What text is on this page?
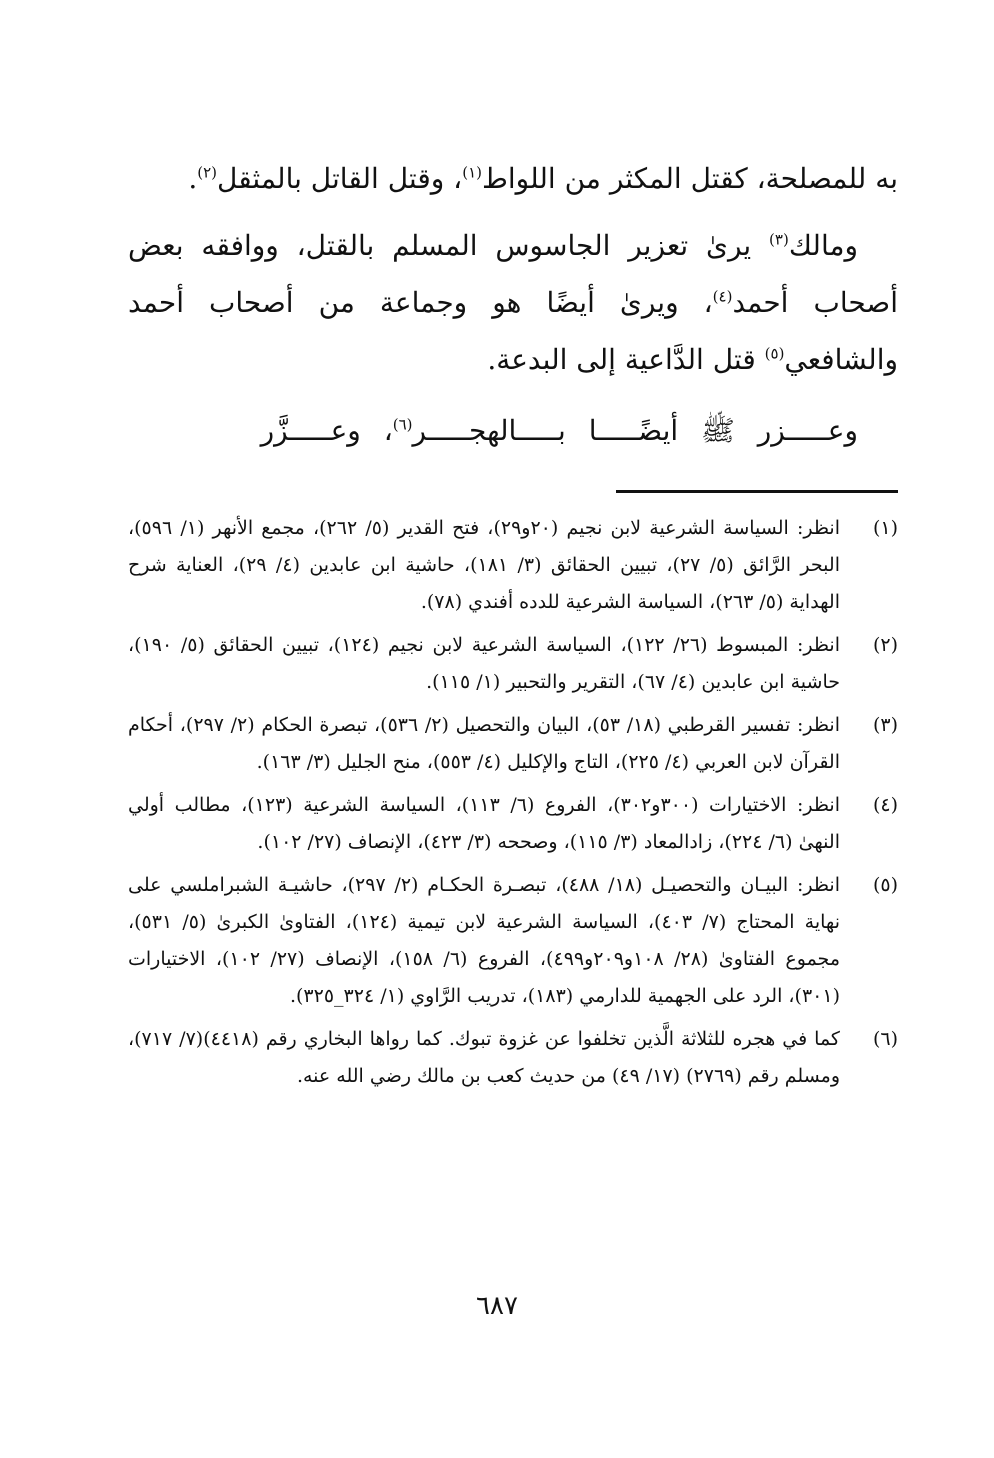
به للمصلحة، كقتل المكثر من اللواط$^{(١)}$، وقتل القاتل بالمثقل$^{(٢)}$.

ومالك$^{(٣)}$ يرىٰ تعزير الجاسوس المسلم بالقتل، ووافقه بعض أصحاب أحمد$^{(٤)}$، ويرىٰ أيضًا هو وجماعة من أصحاب أحمد والشافعي$^{(٥)}$ قتل الدَّاعية إلى البدعة.

وعـــــزر ﷺ أيضًـــــا بـــــالهجـــــر$^{(٦)}$، وعـــــزَّر

(١)
انظر: السياسة الشرعية لابن نجيم (٢٠و٢٩)، فتح القدير (٥/ ٢٦٢)، مجمع الأنهر (١/ ٥٩٦)، البحر الرَّائق (٥/ ٢٧)، تبيين الحقائق (٣/ ١٨١)، حاشية ابن عابدين (٤/ ٢٩)، العناية شرح الهداية (٥/ ٢٦٣)، السياسة الشرعية للدده أفندي (٧٨).
(٢)
انظر: المبسوط (٢٦/ ١٢٢)، السياسة الشرعية لابن نجيم (١٢٤)، تبيين الحقائق (٥/ ١٩٠)، حاشية ابن عابدين (٤/ ٦٧)، التقرير والتحبير (١/ ١١٥).
(٣)
انظر: تفسير القرطبي (١٨/ ٥٣)، البيان والتحصيل (٢/ ٥٣٦)، تبصرة الحكام (٢/ ٢٩٧)، أحكام القرآن لابن العربي (٤/ ٢٢٥)، التاج والإكليل (٤/ ٥٥٣)، منح الجليل (٣/ ١٦٣).
(٤)
انظر: الاختيارات (٣٠٠و٣٠٢)، الفروع (٦/ ١١٣)، السياسة الشرعية (١٢٣)، مطالب أولي النهىٰ (٦/ ٢٢٤)، زادالمعاد (٣/ ١١٥)، وصححه (٣/ ٤٢٣)، الإنصاف (٢٧/ ١٠٢).
(٥)
انظر: البيـان والتحصيـل (١٨/ ٤٨٨)، تبصـرة الحكـام (٢/ ٢٩٧)، حاشيـة الشبراملسي على نهاية المحتاج (٧/ ٤٠٣)، السياسة الشرعية لابن تيمية (١٢٤)، الفتاوىٰ الكبرىٰ (٥/ ٥٣١)، مجموع الفتاوىٰ (٢٨/ ١٠٨و٢٠٩و٤٩٩)، الفروع (٦/ ١٥٨)، الإنصاف (٢٧/ ١٠٢)، الاختيارات (٣٠١)، الرد على الجهمية للدارمي (١٨٣)، تدريب الرَّاوي (١/ ٣٢٤_٣٢٥).
(٦)
كما في هجره للثلاثة الَّذين تخلفوا عن غزوة تبوك. كما رواها البخاري رقم (٤٤١٨)(٧/ ٧١٧)، ومسلم رقم (٢٧٦٩) (١٧/ ٤٩) من حديث كعب بن مالك رضي الله عنه.
٦٨٧
